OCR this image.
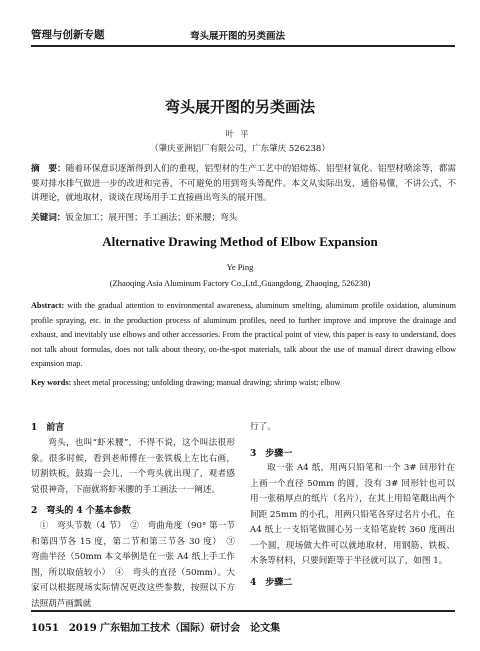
管理与创新专题	弯头展开图的另类画法
弯头展开图的另类画法
叶平
（肇庆亚洲铝厂有限公司，广东肇庆 526238）
摘　要：随着环保意识逐渐得到人们的重视，铝型材的生产工艺中的铝熔炼、铝型材氧化、铝型材喷涂等，都需要对排水排气做进一步的改进和完善，不可避免的用到弯头等配件。本文从实际出发，通俗易懂，不讲公式，不讲理论，就地取材，谈谈在现场用手工直接画出弯头的展开图。
关键词：钣金加工；展开图；手工画法；虾米腰；弯头
Alternative Drawing Method of Elbow Expansion
Ye Ping
(Zhaoqing Asia Aluminum Factory Co.,Ltd.,Guangdong, Zhaoqing, 526238)
Abstract: with the gradual attention to environmental awareness, aluminum smelting, aluminum profile oxidation, aluminum profile spraying, etc. in the production process of aluminum profiles, need to further improve and improve the drainage and exhaust, and inevitably use elbows and other accessories. From the practical point of view, this paper is easy to understand, does not talk about formulas, does not talk about theory, on-the-spot materials, talk about the use of manual direct drawing elbow expansion map.
Key words: sheet metal processing; unfolding drawing; manual drawing; shrimp waist; elbow
1　前言
弯头，也叫“虾米腰”，不得不说，这个叫法很形象。很多时候，看到老师傅在一张铁板上左比右画，切割铁板，鼓捣一会儿，一个弯头就出现了，观者感觉很神奇，下面就将虾米腰的手工画法一一阐述。
2　弯头的 4 个基本参数
①　弯头节数（4 节）　②　弯曲角度（90° 第一节和第四节各 15 度，第二节和第三节各 30 度）　③　弯曲半径（50mm 本文举例是在一张 A4 纸上手工作图，所以取值较小）　④　弯头的直径（50mm）。大家可以根据现场实际情况更改这些参数，按照以下方法照葫芦画瓢就
行了。
3　步骤一
取一张 A4 纸，用两只铅笔和一个 3# 回形针在上画一个直径 50mm 的圆，没有 3# 回形针也可以用一张稍厚点的纸片（名片），在其上用铅笔戳出两个间距 25mm 的小孔，用两只铅笔各穿过名片小孔，在 A4 纸上一支铅笔做圆心另一支铅笔旋转 360 度画出一个圆，现场做大件可以就地取材，用钢筋、铁板、木条等材料，只要间距等于半径就可以了，如图 1。
4　步骤二
1051　2019 广东铝加工技术（国际）研讨会　论文集
